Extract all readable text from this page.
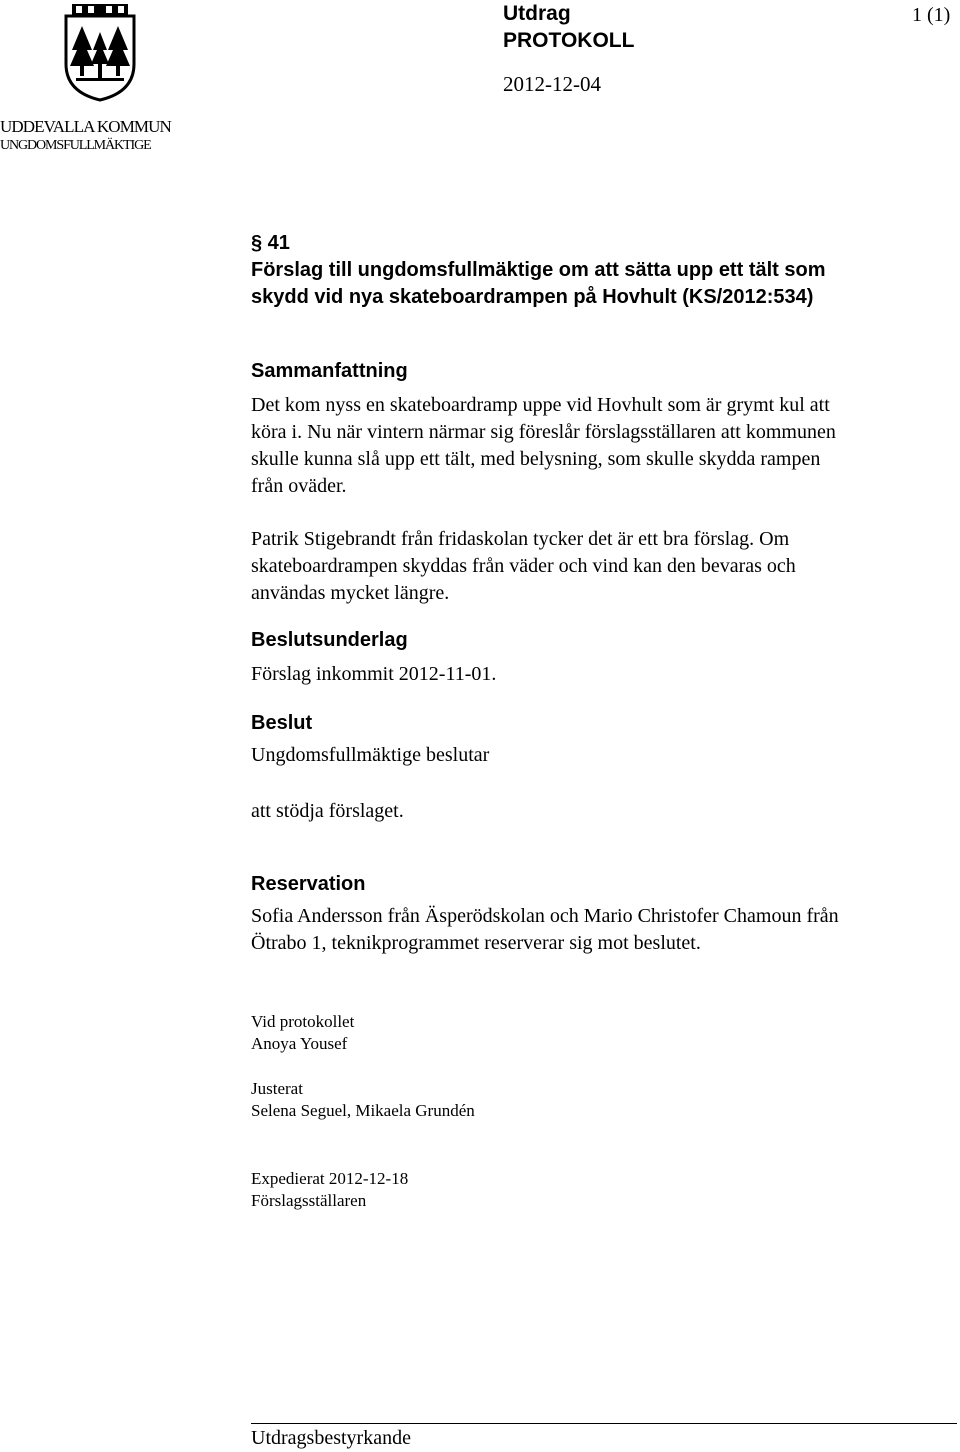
UDDEVALLA KOMMUN
UNGDOMSFULLMÄKTIGE
Utdrag
PROTOKOLL
1 (1)
2012-12-04
§ 41
Förslag till ungdomsfullmäktige om att sätta upp ett tält som
skydd vid nya skateboardrampen på Hovhult (KS/2012:534)
Sammanfattning
Det kom nyss en skateboardramp uppe vid Hovhult som är grymt kul att
köra i. Nu när vintern närmar sig föreslår förslagsställaren att kommunen
skulle kunna slå upp ett tält, med belysning, som skulle skydda rampen
från oväder.
Patrik Stigebrandt från fridaskolan tycker det är ett bra förslag. Om
skateboardrampen skyddas från väder och vind kan den bevaras och
användas mycket längre.
Beslutsunderlag
Förslag inkommit 2012-11-01.
Beslut
Ungdomsfullmäktige beslutar
att stödja förslaget.
Reservation
Sofia Andersson från Äsperödskolan och Mario Christofer Chamoun från
Ötrabo 1, teknikprogrammet reserverar sig mot beslutet.
Vid protokollet
Anoya Yousef
Justerat
Selena Seguel, Mikaela Grundén
Expedierat 2012-12-18
Förslagsställaren
Utdragsbestyrkande
